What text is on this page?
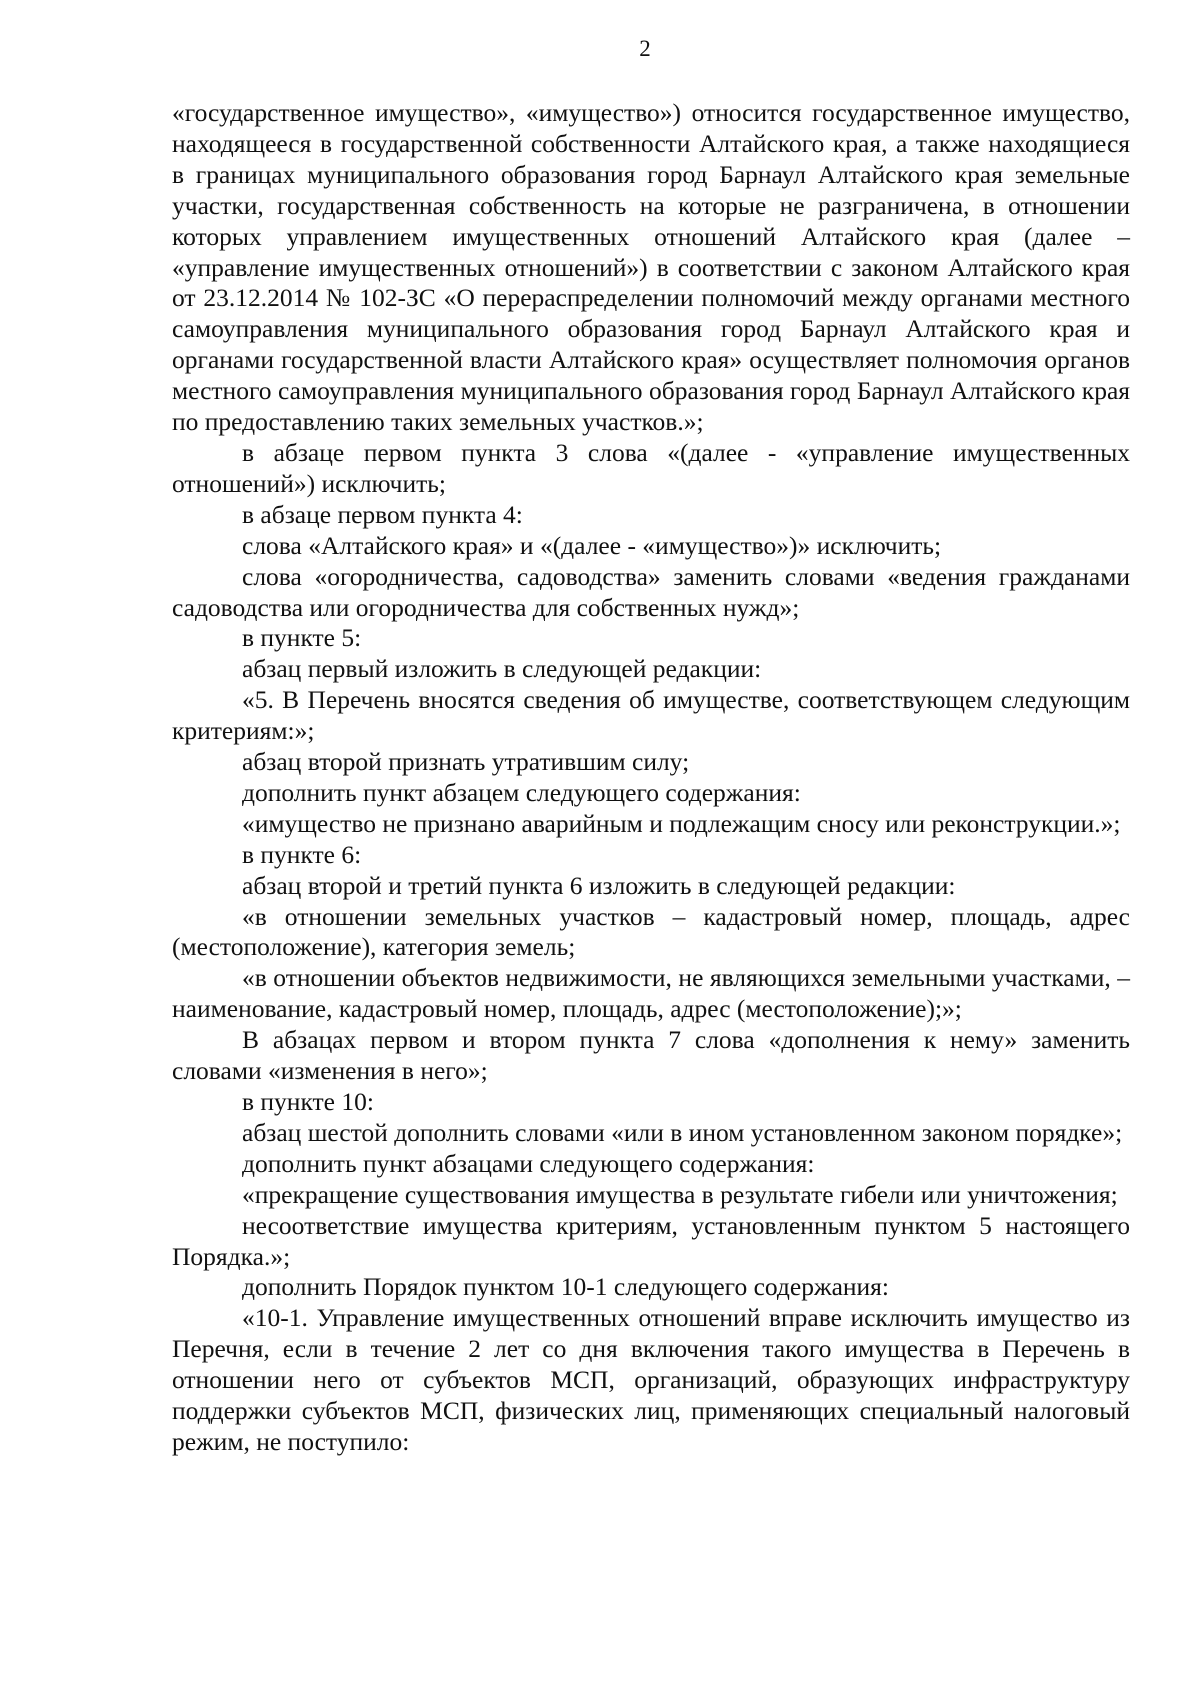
2

«государственное имущество», «имущество») относится государственное имущество, находящееся в государственной собственности Алтайского края, а также находящиеся в границах муниципального образования город Барнаул Алтайского края земельные участки, государственная собственность на которые не разграничена, в отношении которых управлением имущественных отношений Алтайского края (далее – «управление имущественных отношений») в соответствии с законом Алтайского края от 23.12.2014 № 102-ЗС «О перераспределении полномочий между органами местного самоуправления муниципального образования город Барнаул Алтайского края и органами государственной власти Алтайского края» осуществляет полномочия органов местного самоуправления муниципального образования город Барнаул Алтайского края по предоставлению таких земельных участков.»;

в абзаце первом пункта 3 слова «(далее - «управление имущественных отношений») исключить;

в абзаце первом пункта 4:

слова «Алтайского края» и «(далее - «имущество»)» исключить;

слова «огородничества, садоводства» заменить словами «ведения гражданами садоводства или огородничества для собственных нужд»;

в пункте 5:

абзац первый изложить в следующей редакции:

«5. В Перечень вносятся сведения об имуществе, соответствующем следующим критериям:»;

абзац второй признать утратившим силу;

дополнить пункт абзацем следующего содержания:

«имущество не признано аварийным и подлежащим сносу или реконструкции.»;

в пункте 6:

абзац второй и третий пункта 6 изложить в следующей редакции:

«в отношении земельных участков – кадастровый номер, площадь, адрес (местоположение), категория земель;

«в отношении объектов недвижимости, не являющихся земельными участками, – наименование, кадастровый номер, площадь, адрес (местоположение);»;

В абзацах первом и втором пункта 7 слова «дополнения к нему» заменить словами «изменения в него»;

в пункте 10:

абзац шестой дополнить словами «или в ином установленном законом порядке»;

дополнить пункт абзацами следующего содержания:

«прекращение существования имущества в результате гибели или уничтожения;

несоответствие имущества критериям, установленным пунктом 5 настоящего Порядка.»;

дополнить Порядок пунктом 10-1 следующего содержания:

«10-1. Управление имущественных отношений вправе исключить имущество из Перечня, если в течение 2 лет со дня включения такого имущества в Перечень в отношении него от субъектов МСП, организаций, образующих инфраструктуру поддержки субъектов МСП, физических лиц, применяющих специальный налоговый режим, не поступило:
